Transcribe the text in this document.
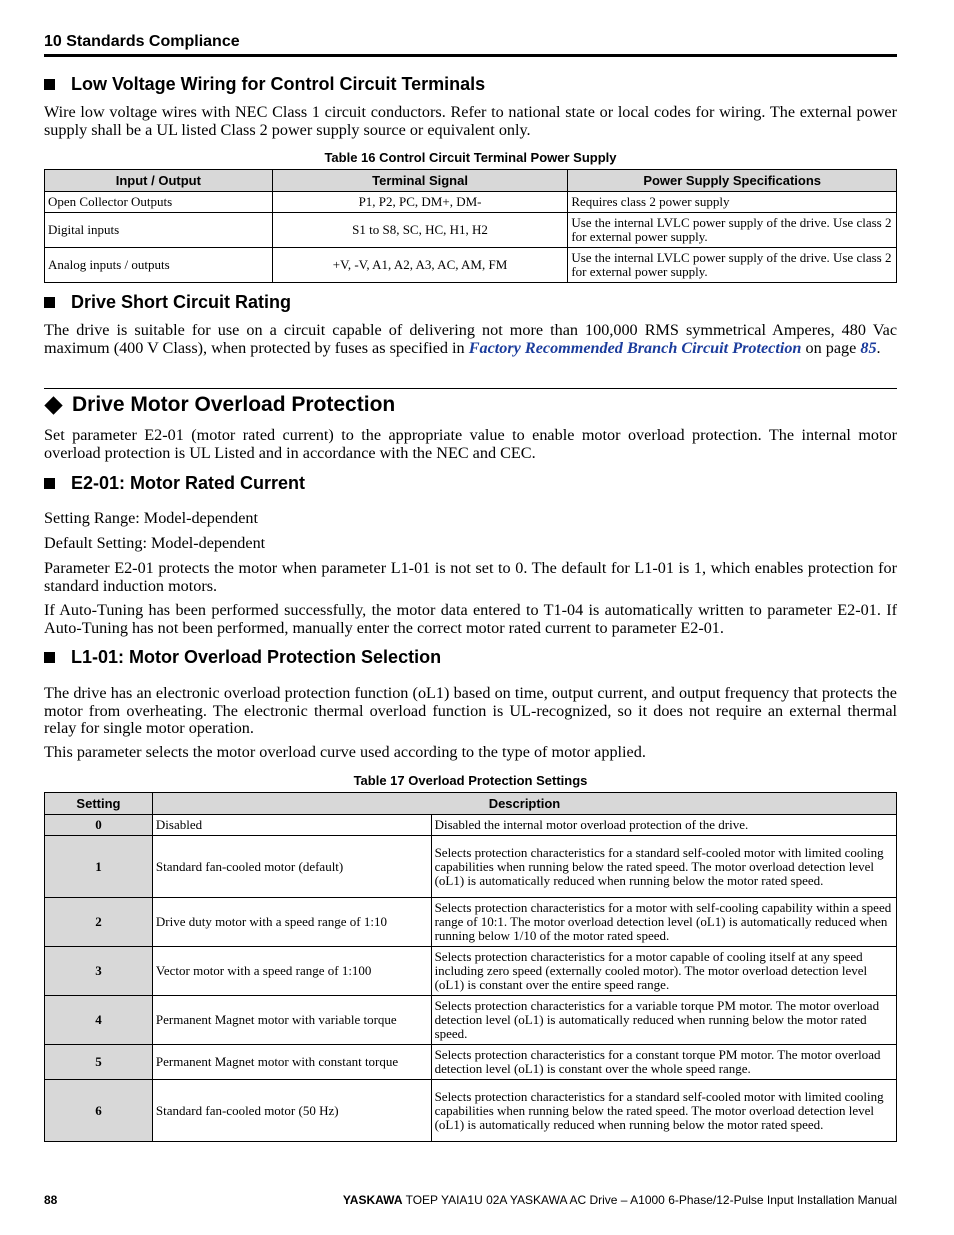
10 Standards Compliance
Low Voltage Wiring for Control Circuit Terminals
Wire low voltage wires with NEC Class 1 circuit conductors. Refer to national state or local codes for wiring. The external power supply shall be a UL listed Class 2 power supply source or equivalent only.
Table 16 Control Circuit Terminal Power Supply
Input / Output	Terminal Signal	Power Supply Specifications
Open Collector Outputs	P1, P2, PC, DM+, DM-	Requires class 2 power supply
Digital inputs	S1 to S8, SC, HC, H1, H2	Use the internal LVLC power supply of the drive. Use class 2 for external power supply.
Analog inputs / outputs	+V, -V, A1, A2, A3, AC, AM, FM	Use the internal LVLC power supply of the drive. Use class 2 for external power supply.
Drive Short Circuit Rating
The drive is suitable for use on a circuit capable of delivering not more than 100,000 RMS symmetrical Amperes, 480 Vac maximum (400 V Class), when protected by fuses as specified in Factory Recommended Branch Circuit Protection on page 85.
Drive Motor Overload Protection
Set parameter E2-01 (motor rated current) to the appropriate value to enable motor overload protection. The internal motor overload protection is UL Listed and in accordance with the NEC and CEC.
E2-01: Motor Rated Current
Setting Range: Model-dependent
Default Setting: Model-dependent
Parameter E2-01 protects the motor when parameter L1-01 is not set to 0. The default for L1-01 is 1, which enables protection for standard induction motors.
If Auto-Tuning has been performed successfully, the motor data entered to T1-04 is automatically written to parameter E2-01. If Auto-Tuning has not been performed, manually enter the correct motor rated current to parameter E2-01.
L1-01: Motor Overload Protection Selection
The drive has an electronic overload protection function (oL1) based on time, output current, and output frequency that protects the motor from overheating. The electronic thermal overload function is UL-recognized, so it does not require an external thermal relay for single motor operation.
This parameter selects the motor overload curve used according to the type of motor applied.
Table 17 Overload Protection Settings
Setting	Description	
0	Disabled	Disabled the internal motor overload protection of the drive.
1	Standard fan-cooled motor (default)	Selects protection characteristics for a standard self-cooled motor with limited cooling capabilities when running below the rated speed. The motor overload detection level (oL1) is automatically reduced when running below the motor rated speed.
2	Drive duty motor with a speed range of 1:10	Selects protection characteristics for a motor with self-cooling capability within a speed range of 10:1. The motor overload detection level (oL1) is automatically reduced when running below 1/10 of the motor rated speed.
3	Vector motor with a speed range of 1:100	Selects protection characteristics for a motor capable of cooling itself at any speed including zero speed (externally cooled motor). The motor overload detection level (oL1) is constant over the entire speed range.
4	Permanent Magnet motor with variable torque	Selects protection characteristics for a variable torque PM motor. The motor overload detection level (oL1) is automatically reduced when running below the motor rated speed.
5	Permanent Magnet motor with constant torque	Selects protection characteristics for a constant torque PM motor. The motor overload detection level (oL1) is constant over the whole speed range.
6	Standard fan-cooled motor (50 Hz)	Selects protection characteristics for a standard self-cooled motor with limited cooling capabilities when running below the rated speed. The motor overload detection level (oL1) is automatically reduced when running below the motor rated speed.
88	YASKAWA TOEP YAIA1U 02A YASKAWA AC Drive – A1000 6-Phase/12-Pulse Input Installation Manual
